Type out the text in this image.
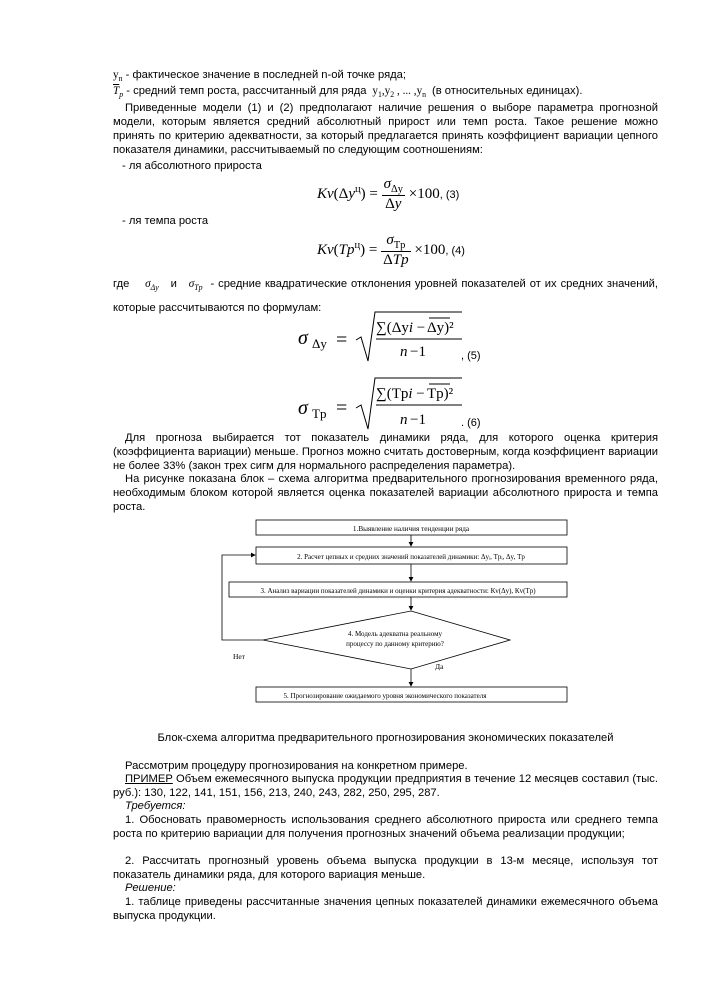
$y_n$ - фактическое значение в последней n-ой точке ряда;
$\overline{T}_p$ - средний темп роста, рассчитанный для ряда  $y_1,y_2$ , ... $,y_n$ (в относительных единицах).
Приведенные модели (1) и (2) предполагают наличие решения о выборе параметра прогнозной модели, которым является средний абсолютный прирост или темп роста. Такое решение можно принять по критерию адекватности, за который предлагается принять коэффициент вариации цепного показателя динамики, рассчитываемый по следующим соотношениям:
- ля абсолютного прироста
$Kv(\Delta y^ц) = \frac{\sigma_{\Delta y}}{\Delta y} \times 100$, (3)
- ля темпа роста
$Kv(Tp^ц) = \frac{\sigma_{Tp}}{\text{ΔTp}} \times 100$, (4)
где $\sigma_{\Delta y}$ и $\sigma_{Tp}$ - средние квадратические отклонения уровней показателей от их средних значений, которые рассчитываются по формулам:
σ Δy =
∑(Δyi − Δy)²
n −1	, (5)
σ Tp =
∑(Tpi − Tp)²
n −1	. (6)
Для прогноза выбирается тот показатель динамики ряда, для которого оценка критерия (коэффициента вариации) меньше. Прогноз можно считать достоверным, когда коэффициент вариации не более 33% (закон трех сигм для нормального распределения параметра).
На рисунке показана блок – схема алгоритма предварительного прогнозирования временного ряда, необходимым блоком которой является оценка показателей вариации абсолютного прироста и темпа роста.
1.Выявление наличия тенденции ряда
2. Расчет цепных и средних значений показателей динамики: Δyᵢ, Тpᵢ, Δy, Тp
3. Анализ вариации показателей динамики и оценки критерия адекватности: Кv(Δy), Кv(Тp)
4. Модель адекватна реальному
процессу по данному критерию?
Нет
Да
5. Прогнозирование ожидаемого уровня экономического показателя
Блок-схема алгоритма предварительного прогнозирования экономических показателей
Рассмотрим процедуру прогнозирования на конкретном примере.
ПРИМЕР Объем ежемесячного выпуска продукции предприятия в течение 12 месяцев составил (тыс. руб.): 130, 122, 141, 151, 156, 213, 240, 243, 282, 250, 295, 287.
Требуется:
1. Обосновать правомерность использования среднего абсолютного прироста или среднего темпа роста по критерию вариации для получения прогнозных значений объема реализации продукции;
2. Рассчитать прогнозный уровень объема выпуска продукции в 13-м месяце, используя тот показатель динамики ряда, для которого вариация меньше.
Решение:
1. таблице приведены рассчитанные значения цепных показателей динамики ежемесячного объема выпуска продукции.
